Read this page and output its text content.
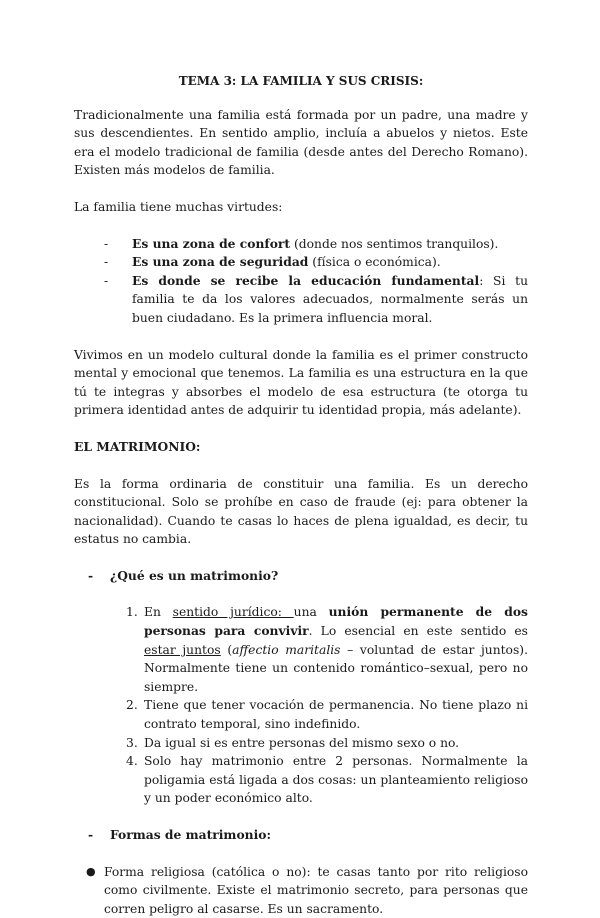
TEMA 3: LA FAMILIA Y SUS CRISIS:

Tradicionalmente una familia está formada por un padre, una madre y sus descendientes. En sentido amplio, incluía a abuelos y nietos. Este era el modelo tradicional de familia (desde antes del Derecho Romano). Existen más modelos de familia.

La familia tiene muchas virtudes:

- Es una zona de confort (donde nos sentimos tranquilos).
- Es una zona de seguridad (física o económica).
- Es donde se recibe la educación fundamental: Si tu familia te da los valores adecuados, normalmente serás un buen ciudadano. Es la primera influencia moral.

Vivimos en un modelo cultural donde la familia es el primer constructo mental y emocional que tenemos. La familia es una estructura en la que tú te integras y absorbes el modelo de esa estructura (te otorga tu primera identidad antes de adquirir tu identidad propia, más adelante).

EL MATRIMONIO:

Es la forma ordinaria de constituir una familia. Es un derecho constitucional. Solo se prohíbe en caso de fraude (ej: para obtener la nacionalidad). Cuando te casas lo haces de plena igualdad, es decir, tu estatus no cambia.

- ¿Qué es un matrimonio?
1. En sentido jurídico: una unión permanente de dos personas para convivir. Lo esencial en este sentido es estar juntos (affectio maritalis – voluntad de estar juntos). Normalmente tiene un contenido romántico–sexual, pero no siempre.
2. Tiene que tener vocación de permanencia. No tiene plazo ni contrato temporal, sino indefinido.
3. Da igual si es entre personas del mismo sexo o no.
4. Solo hay matrimonio entre 2 personas. Normalmente la poligamia está ligada a dos cosas: un planteamiento religioso y un poder económico alto.
- Formas de matrimonio:
● Forma religiosa (católica o no): te casas tanto por rito religioso como civilmente. Existe el matrimonio secreto, para personas que corren peligro al casarse. Es un sacramento.
